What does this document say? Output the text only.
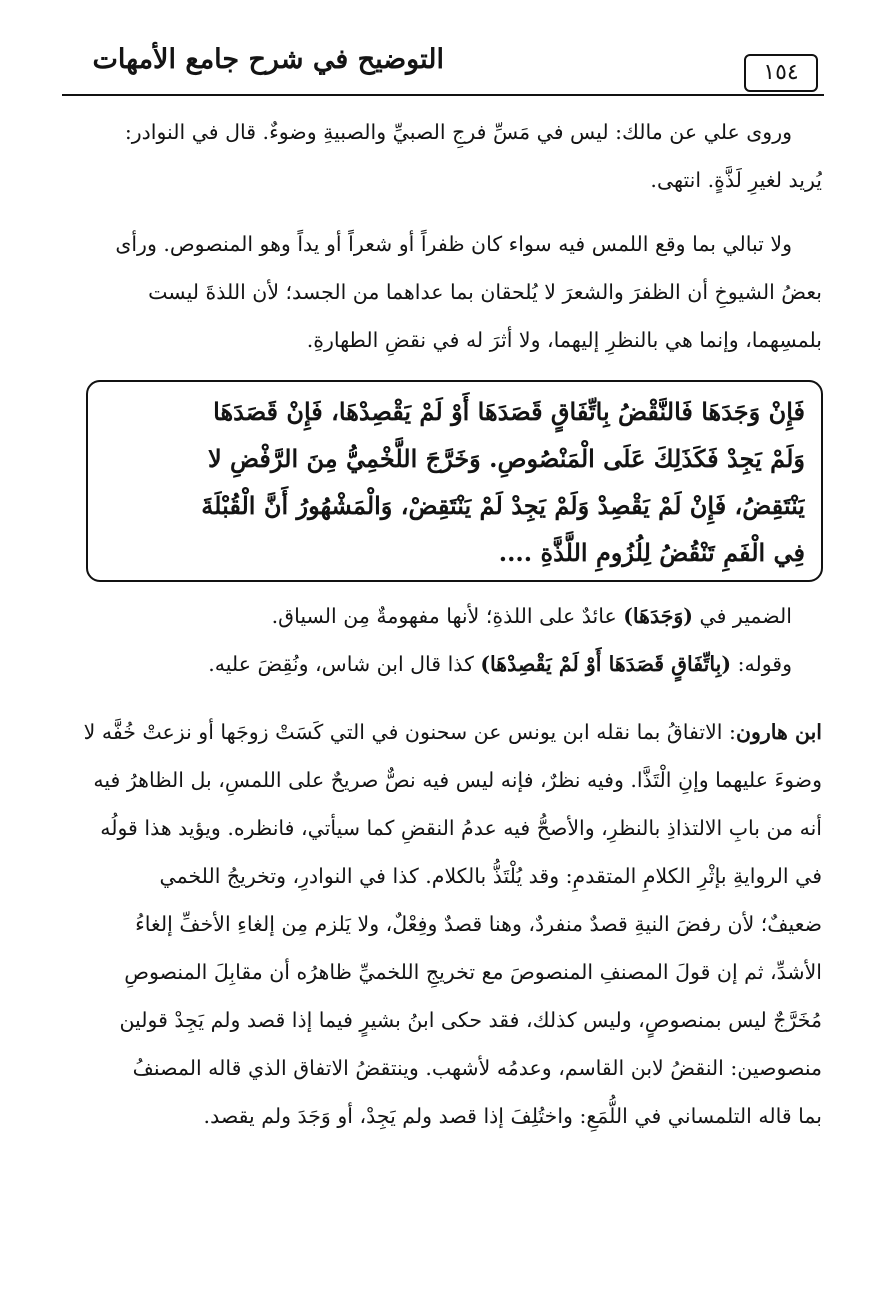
التوضيح في شرح جامع الأمهات	١٥٤
وروى علي عن مالك: ليس في مَسِّ فرجِ الصبيِّ والصبيةِ وضوءٌ. قال في النوادر:
يُريد لغيرِ لَذَّةٍ. انتهى.
ولا تبالي بما وقع اللمس فيه سواء كان ظفراً أو شعراً أو يداً وهو المنصوص. ورأى
بعضُ الشيوخِ أن الظفرَ والشعرَ لا يُلحقان بما عداهما من الجسد؛ لأن اللذةَ ليست
بلمسِهما، وإنما هي بالنظرِ إليهما، ولا أثرَ له في نقضِ الطهارةِ.
فَإِنْ وَجَدَهَا فَالنَّقْضُ بِاتِّفَاقٍ قَصَدَهَا أَوْ لَمْ يَقْصِدْهَا، فَإِنْ قَصَدَهَا
وَلَمْ يَجِدْ فَكَذَلِكَ عَلَى الْمَنْصُوصِ. وَخَرَّجَ اللَّخْمِيُّ مِنَ الرَّفْضِ لا
يَنْتَقِضُ، فَإِنْ لَمْ يَقْصِدْ وَلَمْ يَجِدْ لَمْ يَنْتَقِضْ، وَالْمَشْهُورُ أَنَّ الْقُبْلَةَ
فِي الْفَمِ تَنْقُضُ لِلُزُومِ اللَّذَّةِ ....
الضمير في (وَجَدَهَا) عائدٌ على اللذةِ؛ لأنها مفهومةٌ مِن السياق.
وقوله: (بِاتِّفَاقٍ قَصَدَهَا أَوْ لَمْ يَقْصِدْهَا) كذا قال ابن شاس، ونُقِضَ عليه.
ابن هارون: الاتفاقُ بما نقله ابن يونس عن سحنون في التي كَسَتْ زوجَها أو نزعتْ خُفَّه لا
وضوءَ عليهما وإنِ الْتَذَّا. وفيه نظرٌ، فإنه ليس فيه نصٌّ صريحٌ على اللمسِ، بل الظاهرُ فيه
أنه من بابِ الالتذاذِ بالنظرِ، والأصحُّ فيه عدمُ النقضِ كما سيأتي، فانظره. ويؤيد هذا قولُه
في الروايةِ بإثْرِ الكلامِ المتقدمِ: وقد يُلْتَذُّ بالكلام. كذا في النوادرِ، وتخريجُ اللخمي
ضعيفٌ؛ لأن رفضَ النيةِ قصدٌ منفردٌ، وهنا قصدٌ وفِعْلٌ، ولا يَلزم مِن إلغاءِ الأخفِّ إلغاءُ
الأشدِّ، ثم إن قولَ المصنفِ المنصوصَ مع تخريجِ اللخميِّ ظاهرُه أن مقابِلَ المنصوصِ
مُخَرَّجٌ ليس بمنصوصٍ، وليس كذلك، فقد حكى ابنُ بشيرٍ فيما إذا قصد ولم يَجِدْ قولين
منصوصين: النقضُ لابن القاسم، وعدمُه لأشهب. وينتقضُ الاتفاق الذي قاله المصنفُ
بما قاله التلمساني في اللُّمَعِ: واختُلِفَ إذا قصد ولم يَجِدْ، أو وَجَدَ ولم يقصد.
